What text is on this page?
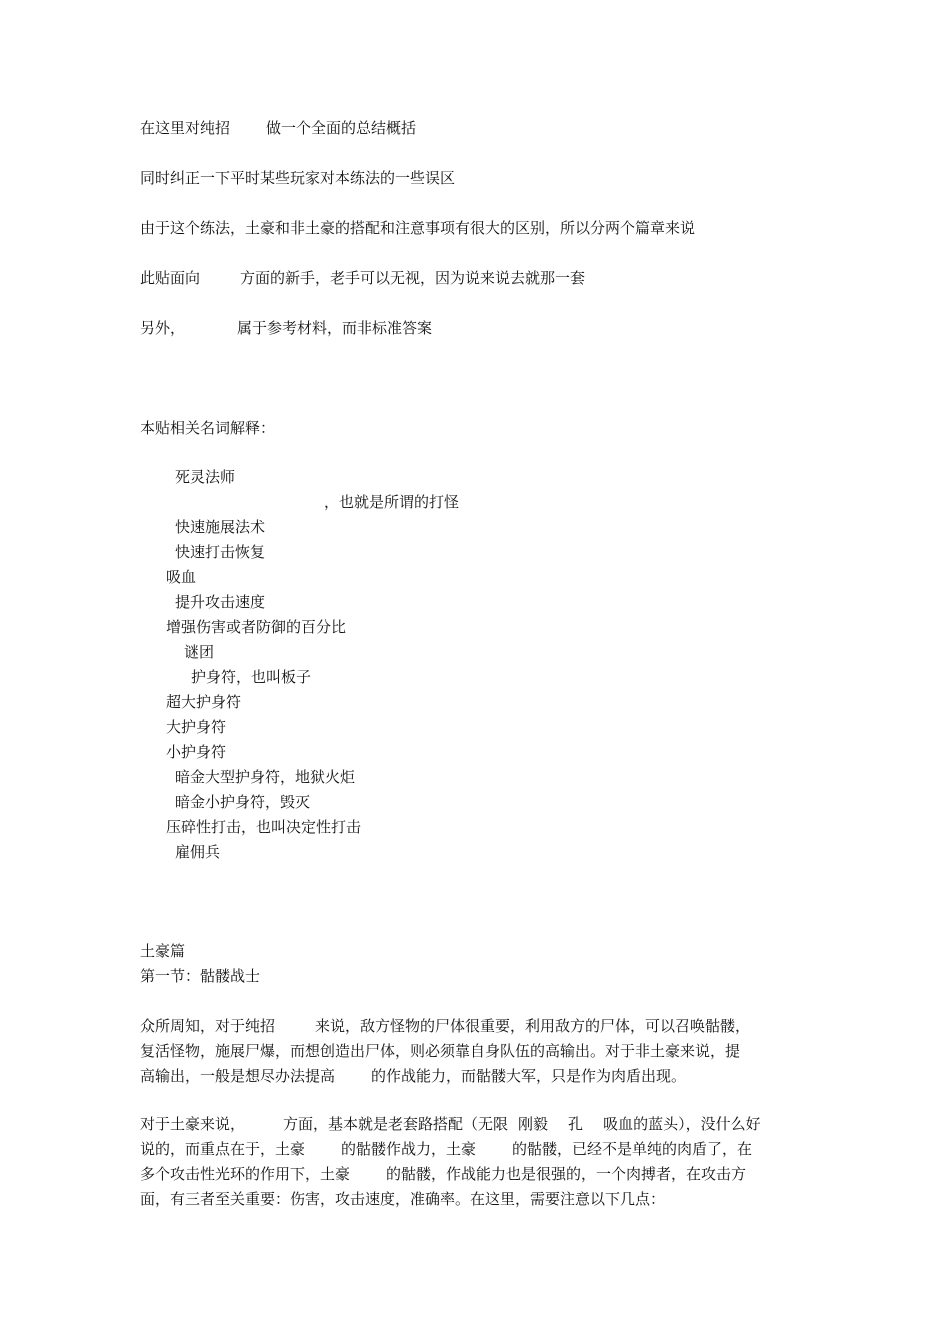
在这里对纯招 做一个全面的总结概括
同时纠正一下平时某些玩家对本练法的一些误区
由于这个练法，土豪和非土豪的搭配和注意事项有很大的区别，所以分两个篇章来说
此贴面向	方面的新手，老手可以无视，因为说来说去就那一套
另外，	属于参考材料，而非标准答案
本贴相关名词解释：
死灵法师
，也就是所谓的打怪
快速施展法术
快速打击恢复
吸血
提升攻击速度
增强伤害或者防御的百分比
谜团
护身符，也叫板子
超大护身符
大护身符
小护身符
暗金大型护身符，地狱火炬
暗金小护身符，毁灭
压碎性打击，也叫决定性打击
雇佣兵
土豪篇
第一节：骷髅战士
众所周知，对于纯招	来说，敌方怪物的尸体很重要，利用敌方的尸体，可以召唤骷髅，
复活怪物，施展尸爆，而想创造出尸体，则必须靠自身队伍的高输出。对于非土豪来说，提
高输出，一般是想尽办法提高 的作战能力，而骷髅大军，只是作为肉盾出现。
对于土豪来说，	方面，基本就是老套路搭配（无限 刚毅 孔 吸血的蓝头），没什么好
说的，而重点在于，土豪 的骷髅作战力，土豪 的骷髅，已经不是单纯的肉盾了，在
多个攻击性光环的作用下，土豪 的骷髅，作战能力也是很强的，一个肉搏者，在攻击方
面，有三者至关重要：伤害，攻击速度，准确率。在这里，需要注意以下几点：
